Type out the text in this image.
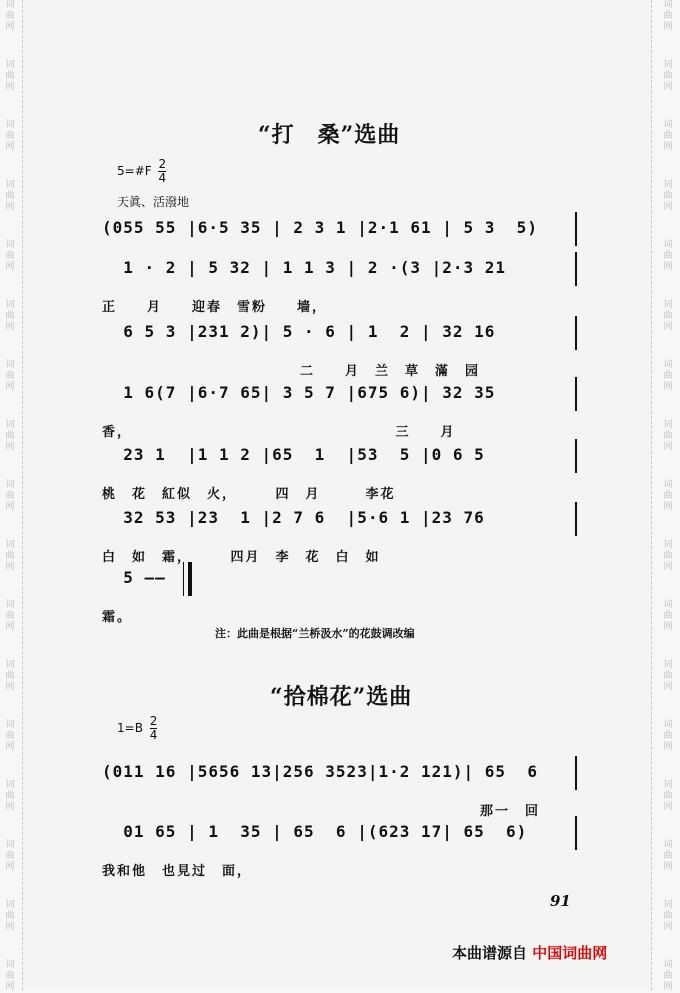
词
曲
网
词
曲
网
词
曲
网
词
曲
网
词
曲
网
词
曲
网
词
曲
网
词
曲
网
词
曲
网
词
曲
网
词
曲
网
词
曲
网
词
曲
网
词
曲
网
词
曲
网
词
曲
网
词
曲
网
词
曲
网
词
曲
网
词
曲
网
词
曲
网
词
曲
网
词
曲
网
词
曲
网
词
曲
网
词
曲
网
词
曲
网
词
曲
网
词
曲
网
词
曲
网
词
曲
网
词
曲
网
词
曲
网
词
曲
网
“打　桑”选曲
5=#F $\frac{2}{4}$
天眞、活潑地
(055 55 |6·5 35 | 2 3 1 |2·1 61 | 5 3  5)
1 · 2 | 5 32 | 1 1 3 | 2 ·(3 |2·3 21
正　　月　　迎春　雪粉　　墙，
6 5 3 |231 2)| 5 · 6 | 1  2 | 32 16
二　　月　兰　草　滿　园
1 6(7 |6·7 65| 3 5 7 |675 6)| 32 35
香，　　　　　　　　　　　　　　　　　　三　　月
23 1  |1 1 2 |65  1  |53  5 |0 6 5
桃　花　紅似　火，　　　四　月　　　李花
32 53 |23  1 |2 7 6  |5·6 1 |23 76
白　如　霜，　　　四月　李　花　白　如
5 ——
霜。
注：此曲是根据“兰桥汲水”的花鼓调改编
“拾棉花”选曲
$1=B \frac{2}{4}$
(011 16 |5656 13|256 3523|1·2 121)| 65  6
那一　回
01 65 | 1  35 | 65  6 |(623 17| 65  6)
我和他　也見过　面，
91
本曲谱源自 中国词曲网
